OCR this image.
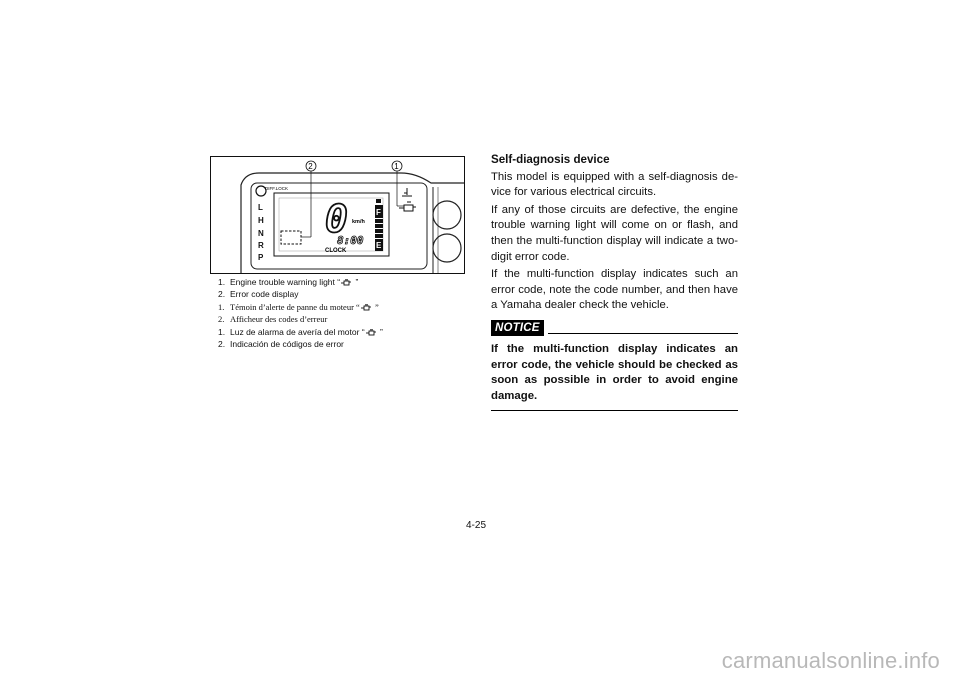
DIFF.LOCK
L
H
N
R
P
0 km/h
8:00
CLOCK
F
E
2	1
1. Engine trouble warning light “ ”
2. Error code display
1. Témoin d’alerte de panne du moteur “ ”
2. Afficheur des codes d’erreur
1. Luz de alarma de avería del motor “ ”
2. Indicación de códigos de error
Self-diagnosis device

This model is equipped with a self-diagnosis de-vice for various electrical circuits.

If any of those circuits are defective, the engine trouble warning light will come on or flash, and then the multi-function display will indicate a two-digit error code.

If the multi-function display indicates such an error code, note the code number, and then have a Yamaha dealer check the vehicle.

NOTICE
If the multi-function display indicates an error code, the vehicle should be checked as soon as possible in order to avoid engine damage.
4-25
carmanualsonline.info
